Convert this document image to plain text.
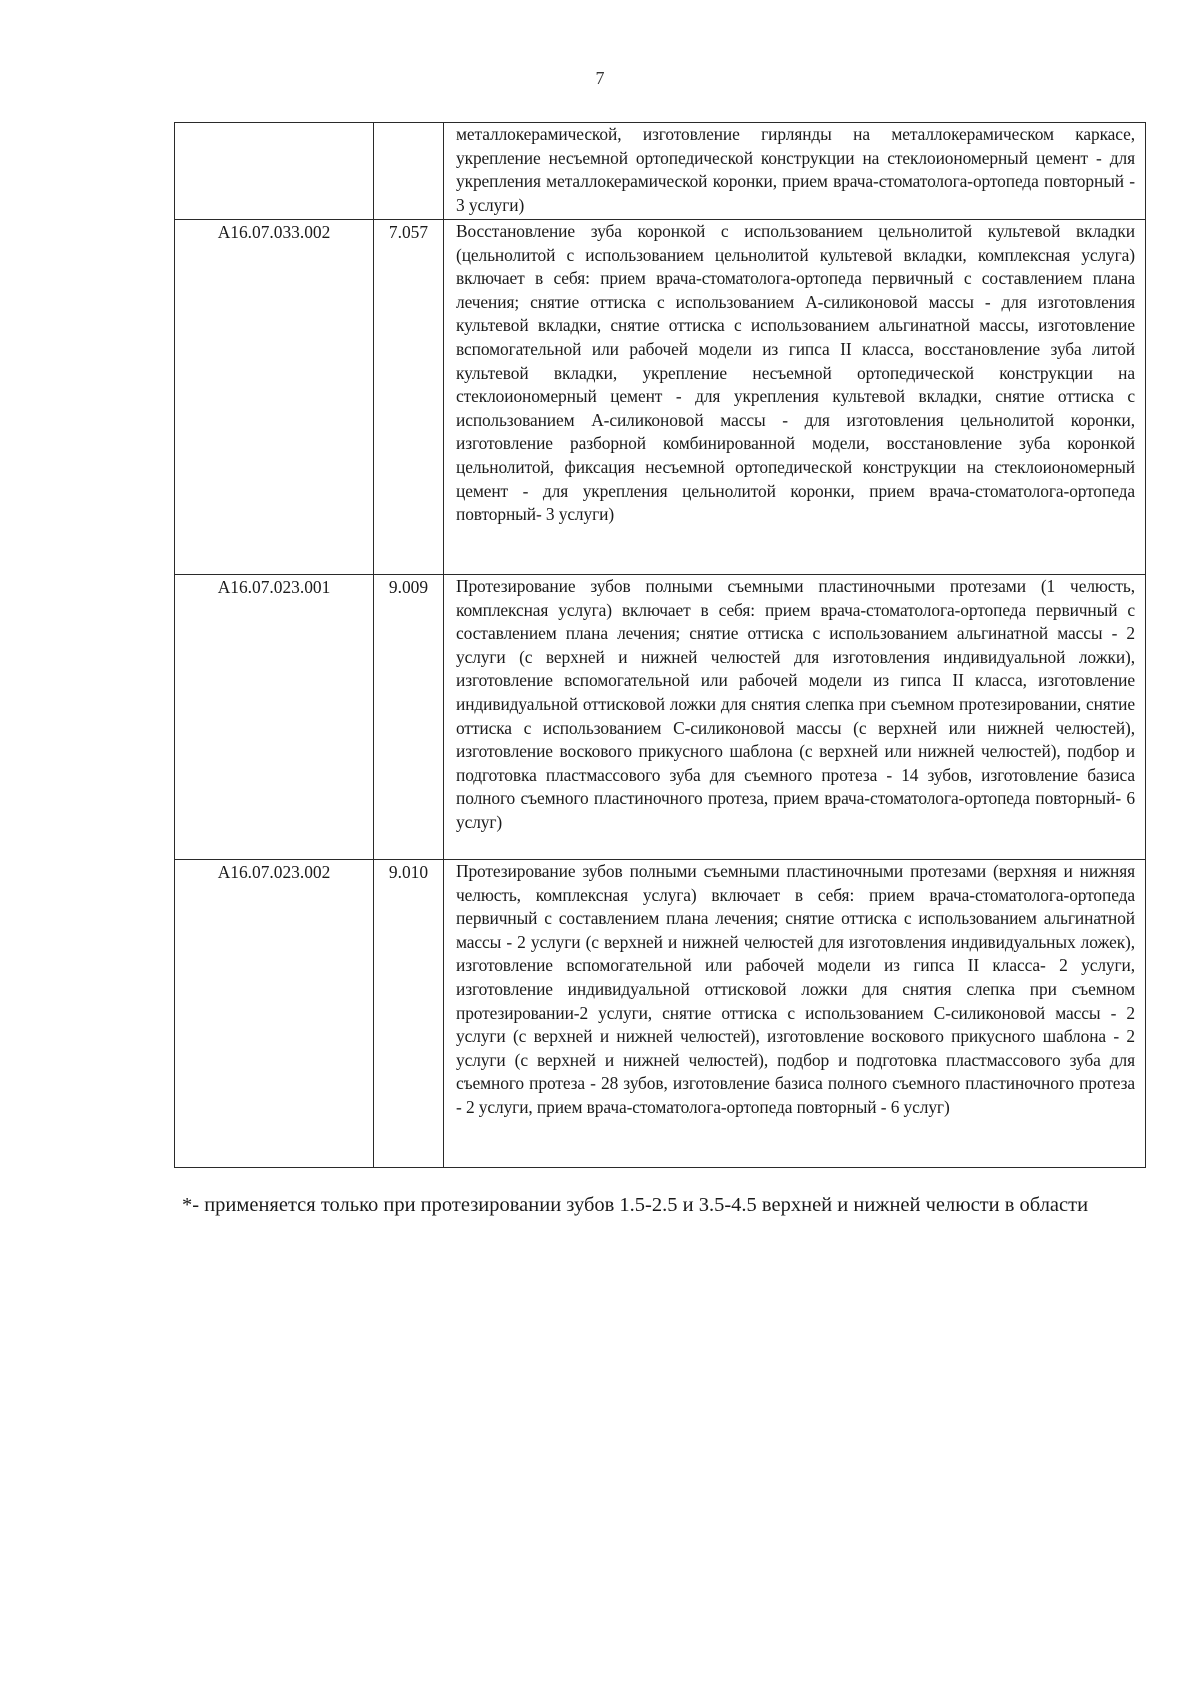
7
		металлокерамической, изготовление гирлянды на металлокерамическом каркасе, укрепление несъемной ортопедической конструкции на стеклоиономерный цемент - для укрепления металлокерамической коронки, прием врача-стоматолога-ортопеда повторный - 3 услуги)
A16.07.033.002	7.057	Восстановление зуба коронкой с использованием цельнолитой культевой вкладки (цельнолитой с использованием цельнолитой культевой вкладки, комплексная услуга) включает в себя: прием врача-стоматолога-ортопеда первичный с составлением плана лечения; снятие оттиска с использованием А-силиконовой массы - для изготовления культевой вкладки, снятие оттиска с использованием альгинатной массы, изготовление вспомогательной или рабочей модели из гипса II класса, восстановление зуба литой культевой вкладки, укрепление несъемной ортопедической конструкции на стеклоиономерный цемент - для укрепления культевой вкладки, снятие оттиска с использованием А-силиконовой массы - для изготовления цельнолитой коронки, изготовление разборной комбинированной модели, восстановление зуба коронкой цельнолитой, фиксация несъемной ортопедической конструкции на стеклоиономерный цемент - для укрепления цельнолитой коронки, прием врача-стоматолога-ортопеда повторный- 3 услуги)
A16.07.023.001	9.009	Протезирование зубов полными съемными пластиночными протезами (1 челюсть, комплексная услуга) включает в себя: прием врача-стоматолога-ортопеда первичный с составлением плана лечения; снятие оттиска с использованием альгинатной массы - 2 услуги (с верхней и нижней челюстей для изготовления индивидуальной ложки), изготовление вспомогательной или рабочей модели из гипса II класса, изготовление индивидуальной оттисковой ложки для снятия слепка при съемном протезировании, снятие оттиска с использованием С-силиконовой массы (с верхней или нижней челюстей), изготовление воскового прикусного шаблона (с верхней или нижней челюстей), подбор и подготовка пластмассового зуба для съемного протеза - 14 зубов, изготовление базиса полного съемного пластиночного протеза, прием врача-стоматолога-ортопеда повторный- 6 услуг)
A16.07.023.002	9.010	Протезирование зубов полными съемными пластиночными протезами (верхняя и нижняя челюсть, комплексная услуга) включает в себя: прием врача-стоматолога-ортопеда первичный с составлением плана лечения; снятие оттиска с использованием альгинатной массы - 2 услуги (с верхней и нижней челюстей для изготовления индивидуальных ложек), изготовление вспомогательной или рабочей модели из гипса II класса- 2 услуги, изготовление индивидуальной оттисковой ложки для снятия слепка при съемном протезировании-2 услуги, снятие оттиска с использованием С-силиконовой массы - 2 услуги (с верхней и нижней челюстей), изготовление воскового прикусного шаблона - 2 услуги (с верхней и нижней челюстей), подбор и подготовка пластмассового зуба для съемного протеза - 28 зубов, изготовление базиса полного съемного пластиночного протеза - 2 услуги, прием врача-стоматолога-ортопеда повторный - 6 услуг)
*- применяется только при протезировании зубов 1.5-2.5 и 3.5-4.5 верхней и нижней челюсти в области
